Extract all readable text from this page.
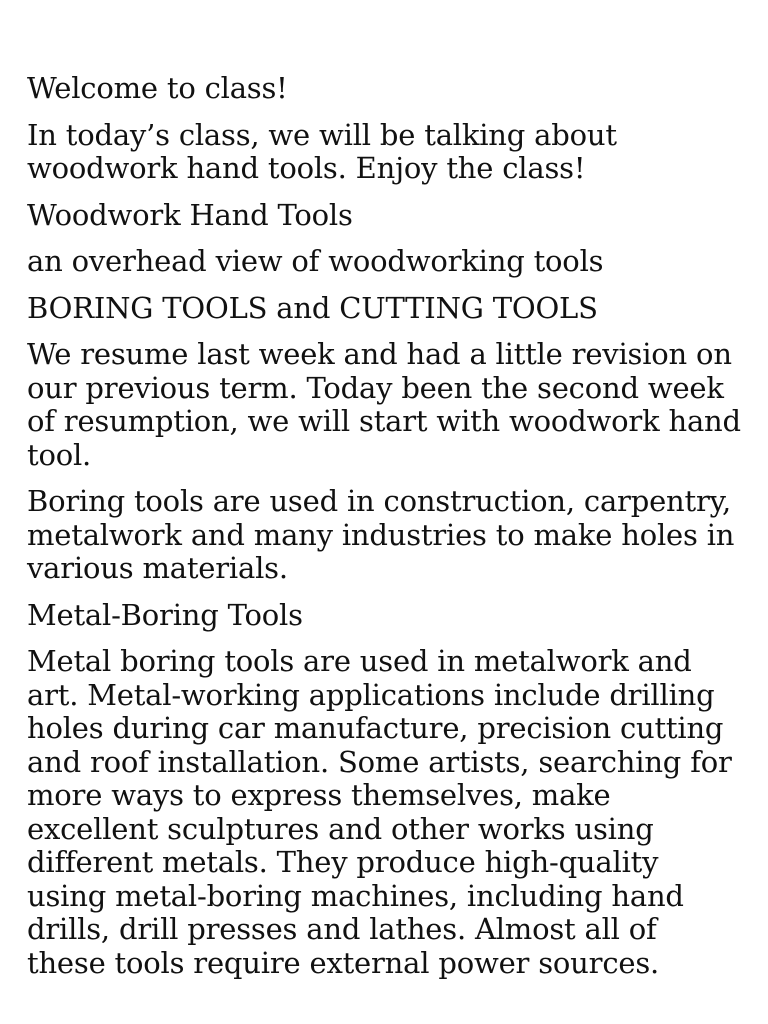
Welcome to class!

In today’s class, we will be talking about woodwork hand tools. Enjoy the class!

Woodwork Hand Tools

an overhead view of woodworking tools

BORING TOOLS and CUTTING TOOLS

We resume last week and had a little revision on our previous term. Today been the second week of resumption, we will start with woodwork hand tool.

Boring tools are used in construction, carpentry, metalwork and many industries to make holes in various materials.

Metal-Boring Tools

Metal boring tools are used in metalwork and art. Metal-working applications include drilling holes during car manufacture, precision cutting and roof installation. Some artists, searching for more ways to express themselves, make excellent sculptures and other works using different metals. They produce high-quality using metal-boring machines, including hand drills, drill presses and lathes. Almost all of these tools require external power sources.
